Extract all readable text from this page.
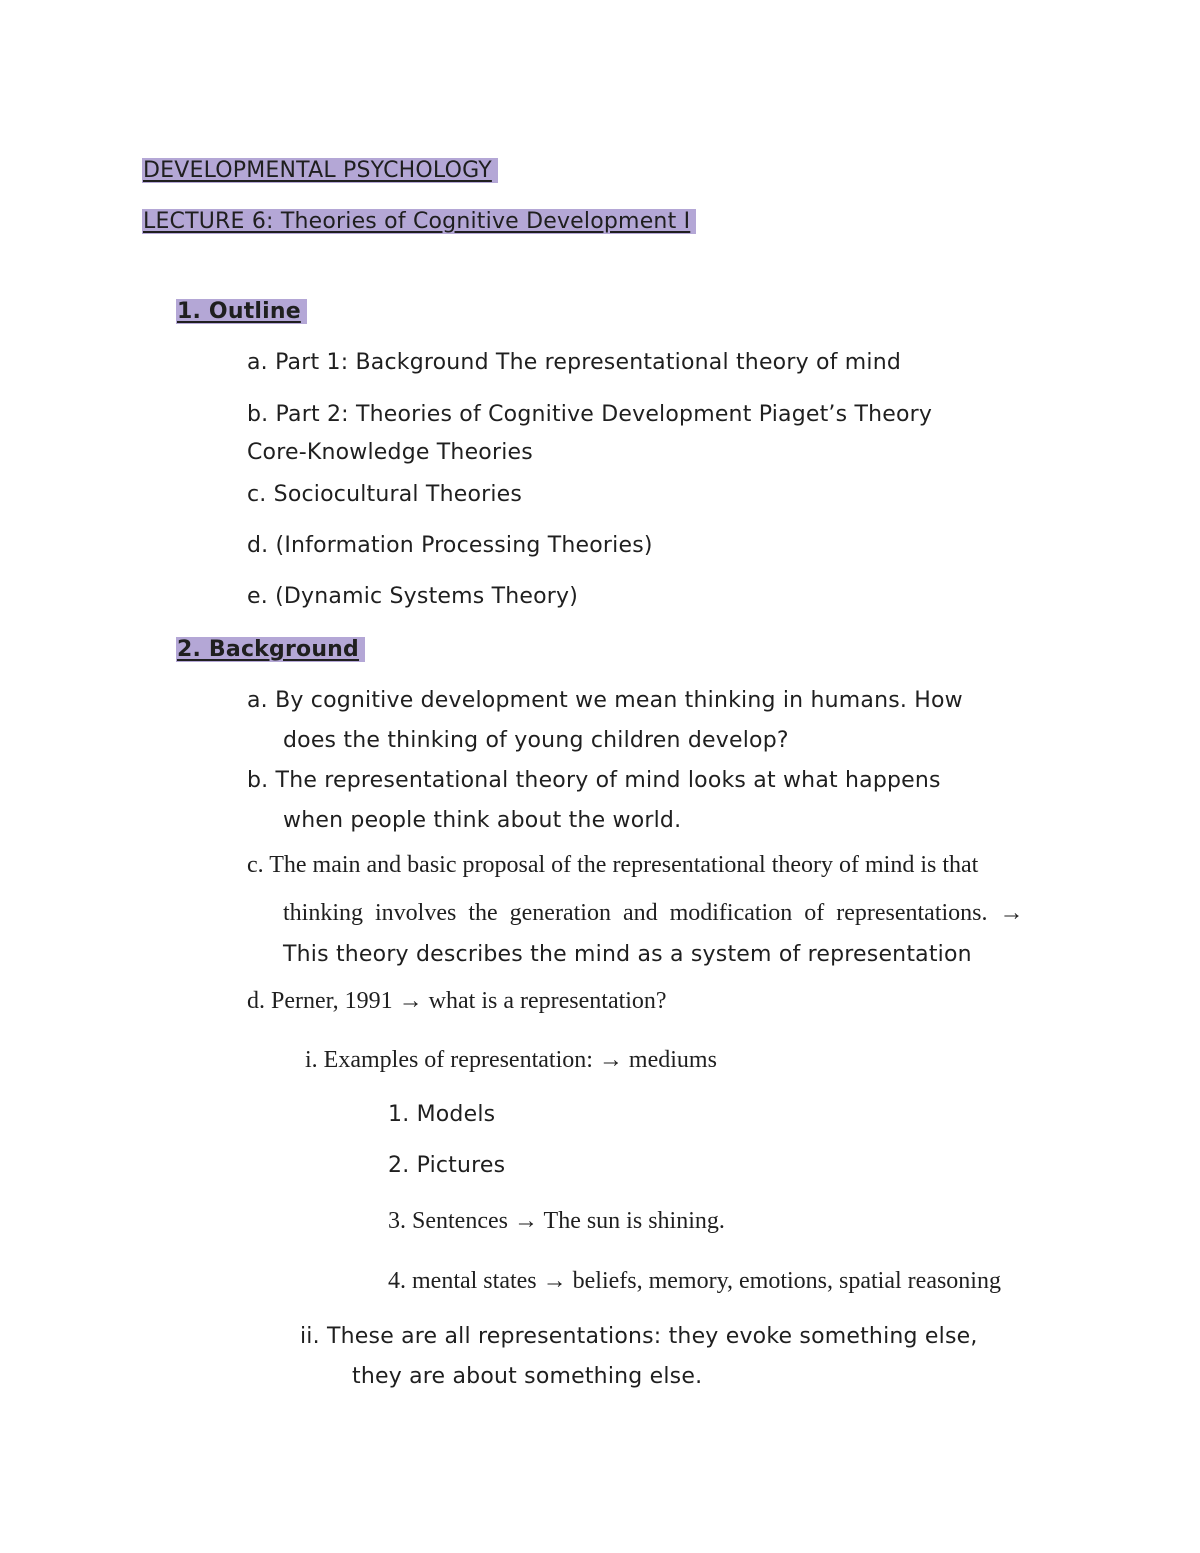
DEVELOPMENTAL PSYCHOLOGY
LECTURE 6: Theories of Cognitive Development I
1. Outline
a. Part 1: Background The representational theory of mind
b. Part 2: Theories of Cognitive Development Piaget’s Theory
Core-Knowledge Theories
c. Sociocultural Theories
d. (Information Processing Theories)
e. (Dynamic Systems Theory)
2. Background
a. By cognitive development we mean thinking in humans. How
does the thinking of young children develop?
b. The representational theory of mind looks at what happens
when people think about the world.
c. The main and basic proposal of the representational theory of mind is that
thinking involves the generation and modification of representations. →
This theory describes the mind as a system of representation
d. Perner, 1991 → what is a representation?
i. Examples of representation: → mediums
1. Models
2. Pictures
3. Sentences → The sun is shining.
4. mental states → beliefs, memory, emotions, spatial reasoning
ii. These are all representations: they evoke something else,
they are about something else.
